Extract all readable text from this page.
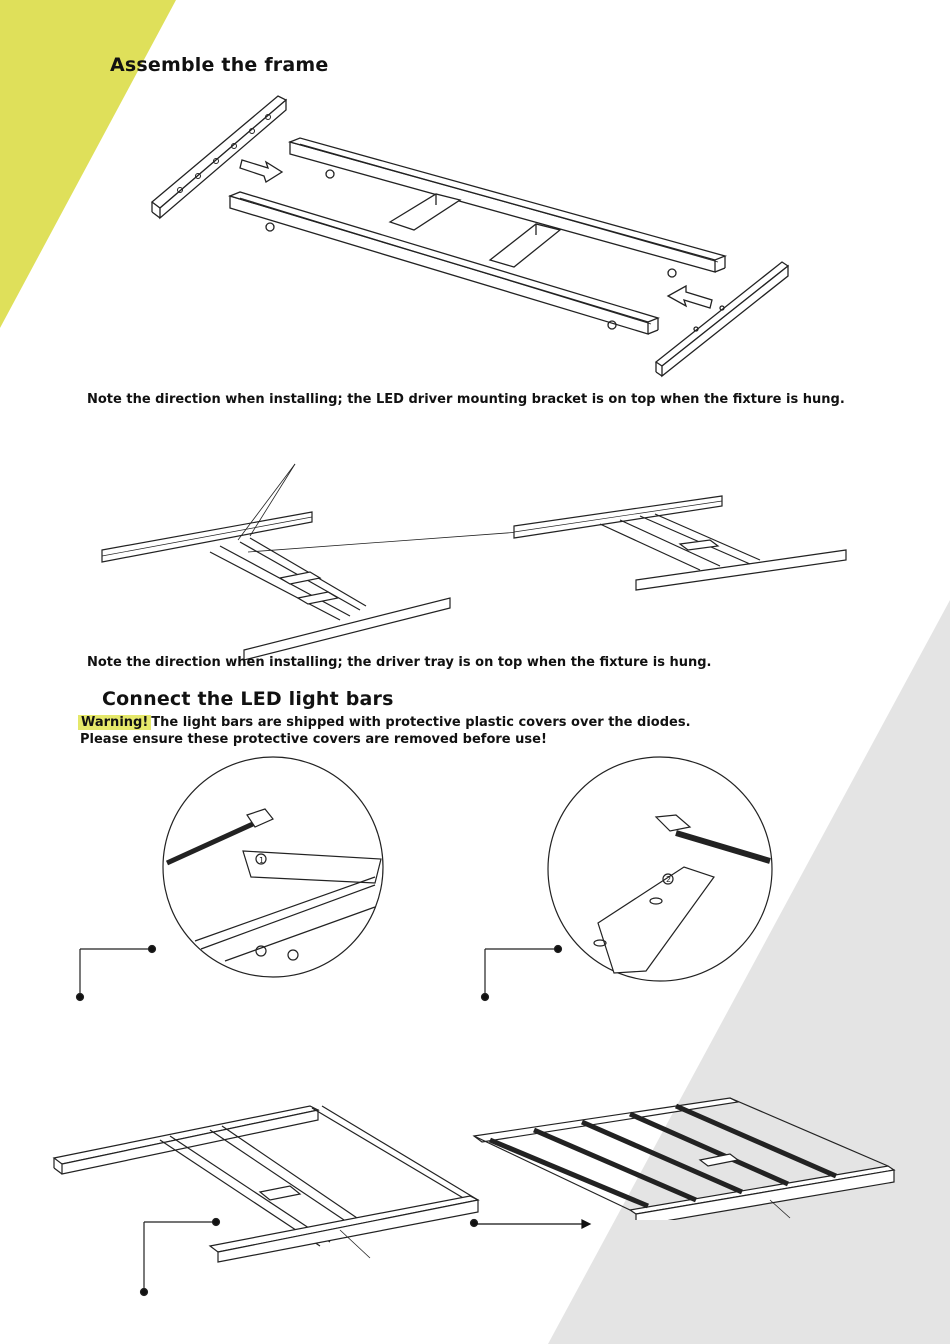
Assemble the frame

Note the direction when installing; the LED driver mounting bracket is on top when the fixture is hung.

Note the direction when installing; the driver tray is on top when the fixture is hung.

Connect the LED light bars
Warning! The light bars are shipped with protective plastic covers over the diodes.
Please ensure these protective covers are removed before use!
1
2
